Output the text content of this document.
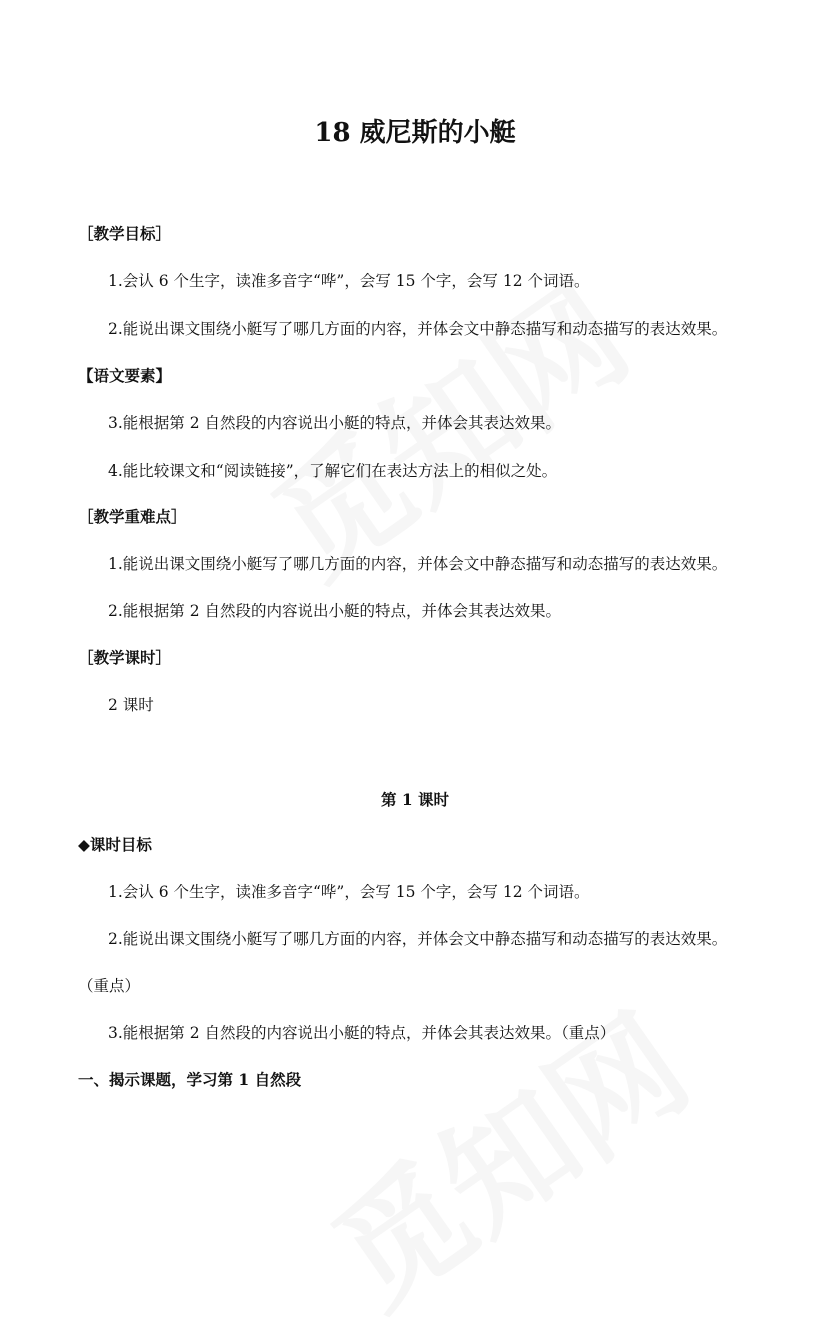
18 威尼斯的小艇
［教学目标］
1.会认 6 个生字，读准多音字“哗”，会写 15 个字，会写 12 个词语。
2.能说出课文围绕小艇写了哪几方面的内容，并体会文中静态描写和动态描写的表达效果。
【语文要素】
3.能根据第 2 自然段的内容说出小艇的特点，并体会其表达效果。
4.能比较课文和“阅读链接”，了解它们在表达方法上的相似之处。
［教学重难点］
1.能说出课文围绕小艇写了哪几方面的内容，并体会文中静态描写和动态描写的表达效果。
2.能根据第 2 自然段的内容说出小艇的特点，并体会其表达效果。
［教学课时］
2 课时
第 1 课时
◆课时目标
1.会认 6 个生字，读准多音字“哗”，会写 15 个字，会写 12 个词语。
2.能说出课文围绕小艇写了哪几方面的内容，并体会文中静态描写和动态描写的表达效果。
（重点）
3.能根据第 2 自然段的内容说出小艇的特点，并体会其表达效果。（重点）
一、揭示课题，学习第 1 自然段
